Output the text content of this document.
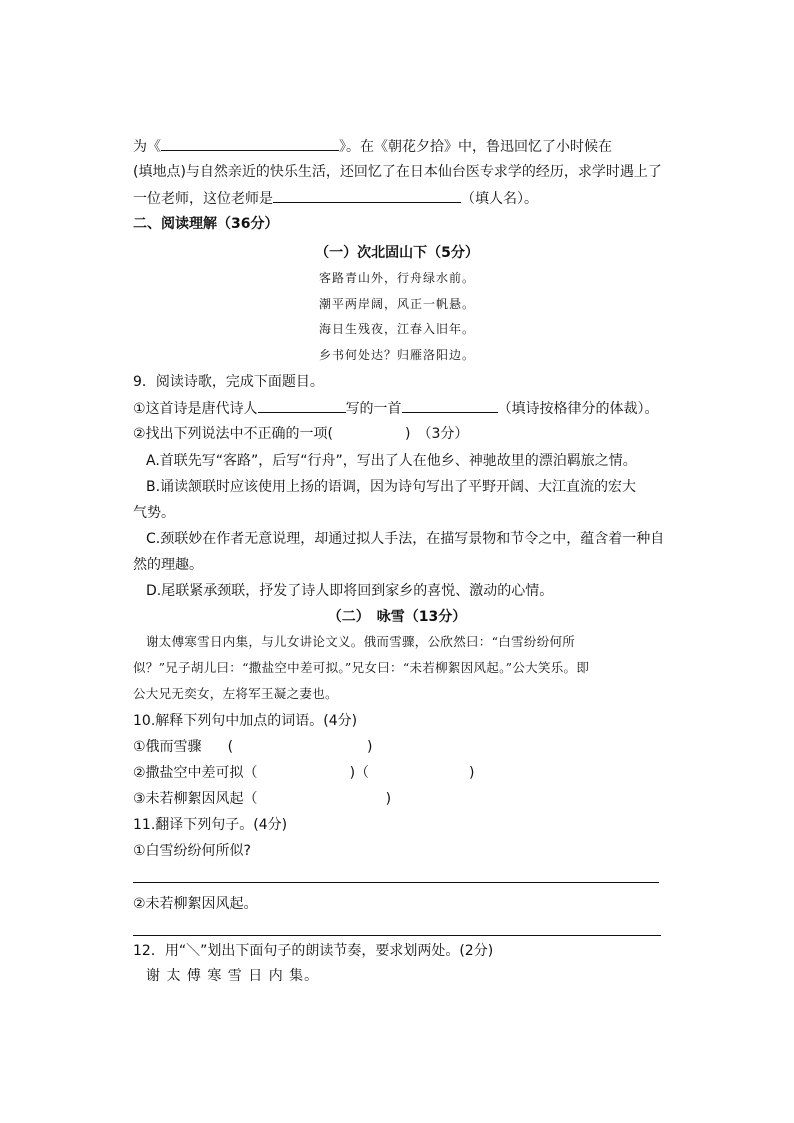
为《	》。在《朝花夕拾》中，鲁迅回忆了小时候在
(填地点)与自然亲近的快乐生活，还回忆了在日本仙台医专求学的经历，求学时遇上了
一位老师，这位老师是	（填人名）。
二、阅读理解（36分）
（一）次北固山下（5分）
客路青山外，行舟绿水前。
潮平两岸阔，风正一帆悬。
海日生残夜，江春入旧年。
乡书何处达？归雁洛阳边。
9．阅读诗歌，完成下面题目。
①这首诗是唐代诗人	写的一首	（填诗按格律分的体裁）。
②找出下列说法中不正确的一项(	)　（3分）
A.首联先写“客路”，后写“行舟”，写出了人在他乡、神驰故里的漂泊羁旅之情。
B.诵读颔联时应该使用上扬的语调，因为诗句写出了平野开阔、大江直流的宏大
气势。
C.颈联妙在作者无意说理，却通过拟人手法，在描写景物和节令之中，蕴含着一种自
然的理趣。
D.尾联紧承颈联，抒发了诗人即将回到家乡的喜悦、激动的心情。
（二）　咏雪（13分）
谢太傅寒雪日内集，与儿女讲论文义。俄而雪骤，公欣然曰：“白雪纷纷何所
似？”兄子胡儿曰：“撒盐空中差可拟。”兄女曰：“未若柳絮因风起。”公大笑乐。即
公大兄无奕女，左将军王凝之妻也。
10.解释下列句中加点的词语。(4分)
①俄而雪骤 (	)
②撒盐空中差可拟（	)（	)
③未若柳絮因风起（	)
11.翻译下列句子。(4分)
①白雪纷纷何所似?
②未若柳絮因风起。
12．用“＼”划出下面句子的朗读节奏，要求划两处。(2分)
谢 太 傅 寒 雪 日 内 集。
